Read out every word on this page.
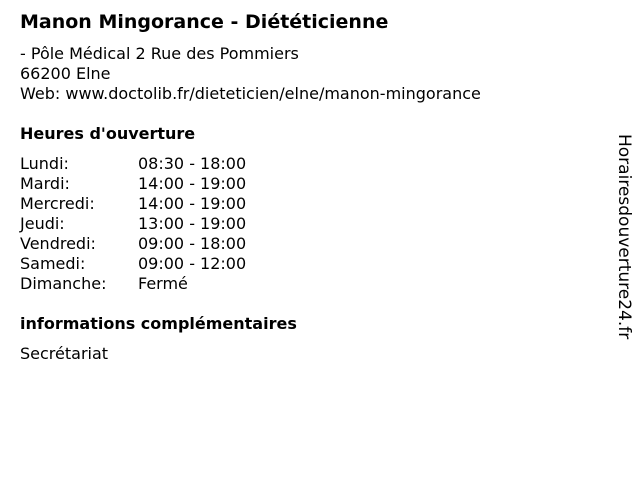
Manon Mingorance - Diététicienne
- Pôle Médical 2 Rue des Pommiers
66200 Elne
Web: www.doctolib.fr/dieteticien/elne/manon-mingorance
Heures d'ouverture
Lundi:	08:30 - 18:00
Mardi:	14:00 - 19:00
Mercredi:	14:00 - 19:00
Jeudi:	13:00 - 19:00
Vendredi:	09:00 - 18:00
Samedi:	09:00 - 12:00
Dimanche: Fermé
informations complémentaires
Secrétariat
Horairesdouverture24.fr
